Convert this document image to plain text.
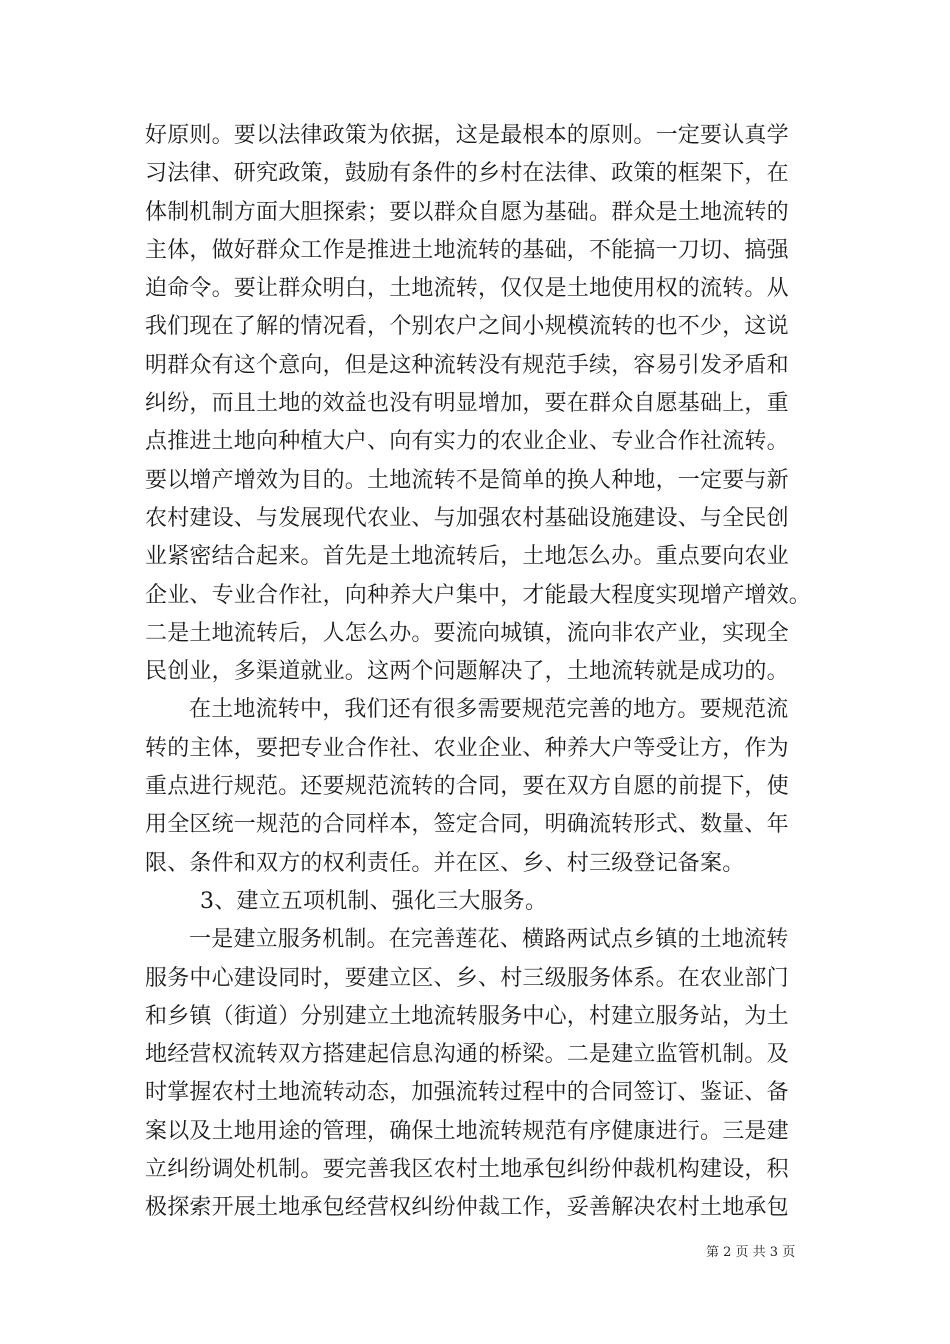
好原则。要以法律政策为依据，这是最根本的原则。一定要认真学
习法律、研究政策，鼓励有条件的乡村在法律、政策的框架下，在
体制机制方面大胆探索；要以群众自愿为基础。群众是土地流转的
主体，做好群众工作是推进土地流转的基础，不能搞一刀切、搞强
迫命令。要让群众明白，土地流转，仅仅是土地使用权的流转。从
我们现在了解的情况看，个别农户之间小规模流转的也不少，这说
明群众有这个意向，但是这种流转没有规范手续，容易引发矛盾和
纠纷，而且土地的效益也没有明显增加，要在群众自愿基础上，重
点推进土地向种植大户、向有实力的农业企业、专业合作社流转。
要以增产增效为目的。土地流转不是简单的换人种地，一定要与新
农村建设、与发展现代农业、与加强农村基础设施建设、与全民创
业紧密结合起来。首先是土地流转后，土地怎么办。重点要向农业
企业、专业合作社，向种养大户集中，才能最大程度实现增产增效。
二是土地流转后，人怎么办。要流向城镇，流向非农产业，实现全
民创业，多渠道就业。这两个问题解决了，土地流转就是成功的。
在土地流转中，我们还有很多需要规范完善的地方。要规范流
转的主体，要把专业合作社、农业企业、种养大户等受让方，作为
重点进行规范。还要规范流转的合同，要在双方自愿的前提下，使
用全区统一规范的合同样本，签定合同，明确流转形式、数量、年
限、条件和双方的权利责任。并在区、乡、村三级登记备案。
3、建立五项机制、强化三大服务。
一是建立服务机制。在完善莲花、横路两试点乡镇的土地流转
服务中心建设同时，要建立区、乡、村三级服务体系。在农业部门
和乡镇（街道）分别建立土地流转服务中心，村建立服务站，为土
地经营权流转双方搭建起信息沟通的桥梁。二是建立监管机制。及
时掌握农村土地流转动态，加强流转过程中的合同签订、鉴证、备
案以及土地用途的管理，确保土地流转规范有序健康进行。三是建
立纠纷调处机制。要完善我区农村土地承包纠纷仲裁机构建设，积
极探索开展土地承包经营权纠纷仲裁工作，妥善解决农村土地承包
第 2 页 共 3 页
